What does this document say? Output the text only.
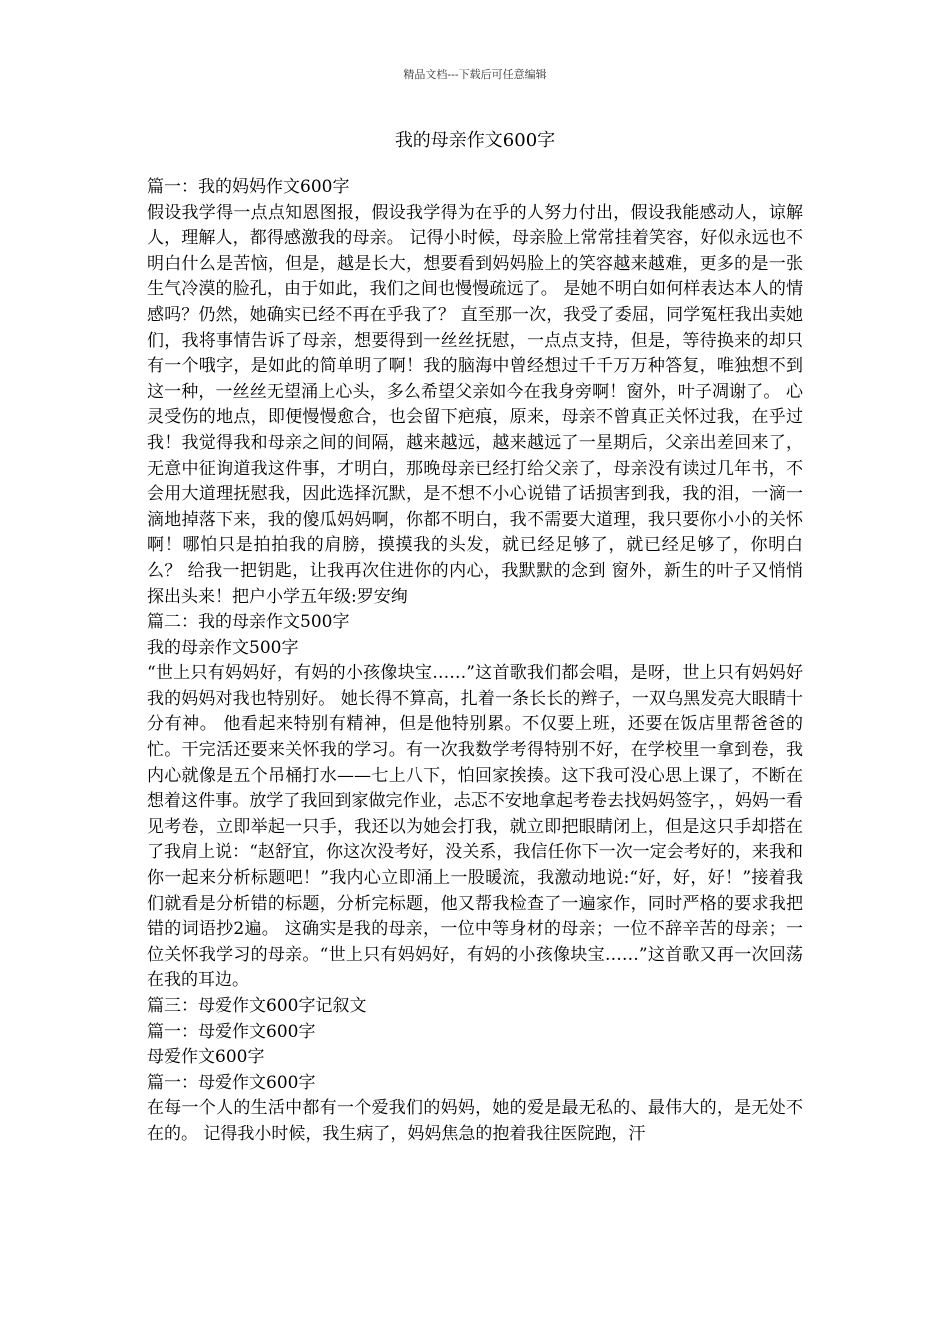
精品文档---下载后可任意编辑
我的母亲作文600字

篇一：我的妈妈作文600字

假设我学得一点点知恩图报，假设我学得为在乎的人努力付出，假设我能感动人，谅解人，理解人，都得感激我的母亲。 记得小时候，母亲脸上常常挂着笑容，好似永远也不明白什么是苦恼，但是，越是长大，想要看到妈妈脸上的笑容越来越难，更多的是一张生气冷漠的脸孔，由于如此，我们之间也慢慢疏远了。 是她不明白如何样表达本人的情感吗？仍然，她确实已经不再在乎我了？ 直至那一次，我受了委屈，同学冤枉我出卖她们，我将事情告诉了母亲，想要得到一丝丝抚慰，一点点支持，但是，等待换来的却只有一个哦字，是如此的简单明了啊！我的脑海中曾经想过千千万万种答复，唯独想不到这一种，一丝丝无望涌上心头，多么希望父亲如今在我身旁啊！窗外，叶子凋谢了。 心灵受伤的地点，即便慢慢愈合，也会留下疤痕，原来，母亲不曾真正关怀过我，在乎过我！我觉得我和母亲之间的间隔，越来越远，越来越远了一星期后，父亲出差回来了，无意中征询道我这件事，才明白，那晚母亲已经打给父亲了，母亲没有读过几年书，不会用大道理抚慰我，因此选择沉默，是不想不小心说错了话损害到我，我的泪，一滴一滴地掉落下来，我的傻瓜妈妈啊，你都不明白，我不需要大道理，我只要你小小的关怀啊！哪怕只是拍拍我的肩膀，摸摸我的头发，就已经足够了，就已经足够了，你明白么？ 给我一把钥匙，让我再次住进你的内心，我默默的念到 窗外，新生的叶子又悄悄探出头来！把户小学五年级:罗安绚

篇二：我的母亲作文500字

我的母亲作文500字

“世上只有妈妈好，有妈的小孩像块宝……”这首歌我们都会唱，是呀，世上只有妈妈好我的妈妈对我也特别好。 她长得不算高，扎着一条长长的辫子，一双乌黑发亮大眼睛十分有神。 他看起来特别有精神，但是他特别累。不仅要上班，还要在饭店里帮爸爸的忙。干完活还要来关怀我的学习。有一次我数学考得特别不好，在学校里一拿到卷，我内心就像是五个吊桶打水——七上八下，怕回家挨揍。这下我可没心思上课了，不断在想着这件事。放学了我回到家做完作业，忐忑不安地拿起考卷去找妈妈签字，，妈妈一看见考卷，立即举起一只手，我还以为她会打我，就立即把眼睛闭上，但是这只手却搭在了我肩上说：“赵舒宜，你这次没考好，没关系，我信任你下一次一定会考好的，来我和你一起来分析标题吧！”我内心立即涌上一股暖流，我激动地说:“好，好，好！”接着我们就看是分析错的标题，分析完标题，他又帮我检查了一遍家作，同时严格的要求我把错的词语抄2遍。 这确实是我的母亲，一位中等身材的母亲；一位不辞辛苦的母亲；一位关怀我学习的母亲。“世上只有妈妈好，有妈的小孩像块宝……”这首歌又再一次回荡在我的耳边。

篇三：母爱作文600字记叙文

篇一：母爱作文600字

母爱作文600字

篇一：母爱作文600字

在每一个人的生活中都有一个爱我们的妈妈，她的爱是最无私的、最伟大的，是无处不在的。 记得我小时候，我生病了，妈妈焦急的抱着我往医院跑，汗
